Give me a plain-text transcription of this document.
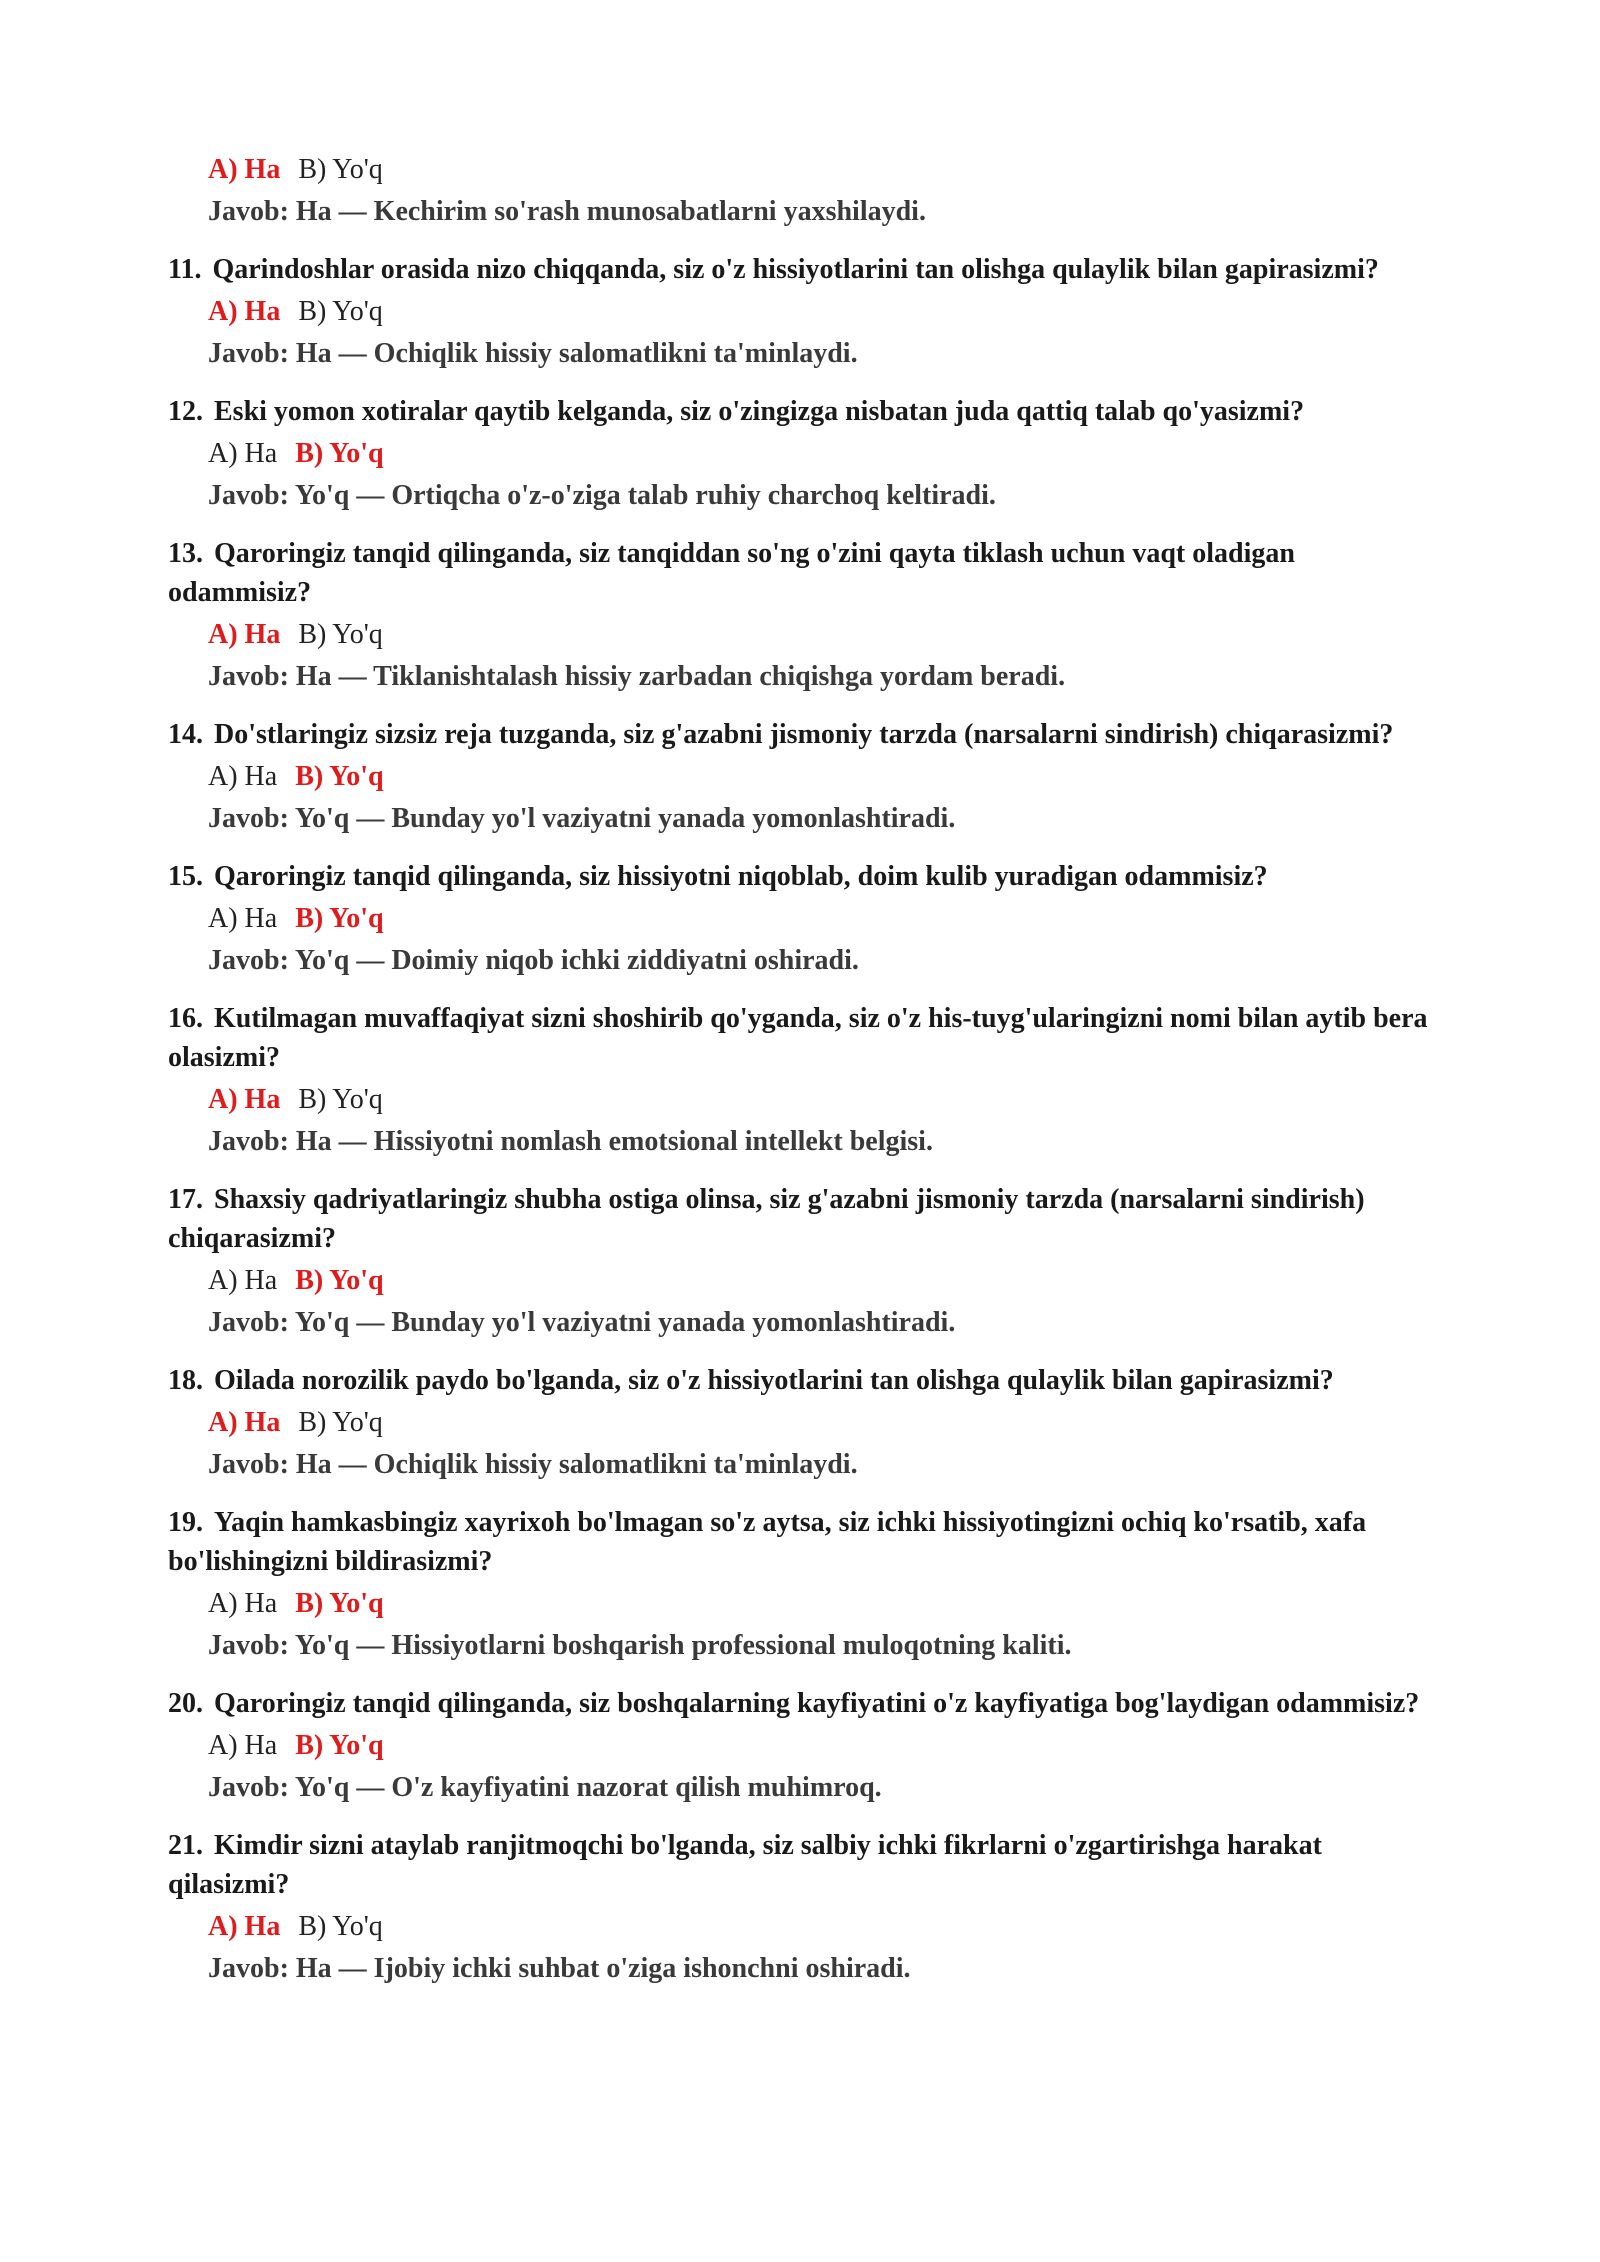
A) Ha B) Yo'q
Javob: Ha — Kechirim so'rash munosabatlarni yaxshilaydi.
11. Qarindoshlar orasida nizo chiqqanda, siz o'z hissiyotlarini tan olishga qulaylik bilan gapirasizmi?
A) Ha B) Yo'q
Javob: Ha — Ochiqlik hissiy salomatlikni ta'minlaydi.
12. Eski yomon xotiralar qaytib kelganda, siz o'zingizga nisbatan juda qattiq talab qo'yasizmi?
A) Ha B) Yo'q
Javob: Yo'q — Ortiqcha o'z-o'ziga talab ruhiy charchoq keltiradi.
13. Qaroringiz tanqid qilinganda, siz tanqiddan so'ng o'zini qayta tiklash uchun vaqt oladigan odammisiz?
A) Ha B) Yo'q
Javob: Ha — Tiklanishtalash hissiy zarbadan chiqishga yordam beradi.
14. Do'stlaringiz sizsiz reja tuzganda, siz g'azabni jismoniy tarzda (narsalarni sindirish) chiqarasizmi?
A) Ha B) Yo'q
Javob: Yo'q — Bunday yo'l vaziyatni yanada yomonlashtiradi.
15. Qaroringiz tanqid qilinganda, siz hissiyotni niqoblab, doim kulib yuradigan odammisiz?
A) Ha B) Yo'q
Javob: Yo'q — Doimiy niqob ichki ziddiyatni oshiradi.
16. Kutilmagan muvaffaqiyat sizni shoshirib qo'yganda, siz o'z his-tuyg'ularingizni nomi bilan aytib bera olasizmi?
A) Ha B) Yo'q
Javob: Ha — Hissiyotni nomlash emotsional intellekt belgisi.
17. Shaxsiy qadriyatlaringiz shubha ostiga olinsa, siz g'azabni jismoniy tarzda (narsalarni sindirish) chiqarasizmi?
A) Ha B) Yo'q
Javob: Yo'q — Bunday yo'l vaziyatni yanada yomonlashtiradi.
18. Oilada norozilik paydo bo'lganda, siz o'z hissiyotlarini tan olishga qulaylik bilan gapirasizmi?
A) Ha B) Yo'q
Javob: Ha — Ochiqlik hissiy salomatlikni ta'minlaydi.
19. Yaqin hamkasbingiz xayrixoh bo'lmagan so'z aytsa, siz ichki hissiyotingizni ochiq ko'rsatib, xafa bo'lishingizni bildirasizmi?
A) Ha B) Yo'q
Javob: Yo'q — Hissiyotlarni boshqarish professional muloqotning kaliti.
20. Qaroringiz tanqid qilinganda, siz boshqalarning kayfiyatini o'z kayfiyatiga bog'laydigan odammisiz?
A) Ha B) Yo'q
Javob: Yo'q — O'z kayfiyatini nazorat qilish muhimroq.
21. Kimdir sizni ataylab ranjitmoqchi bo'lganda, siz salbiy ichki fikrlarni o'zgartirishga harakat qilasizmi?
A) Ha B) Yo'q
Javob: Ha — Ijobiy ichki suhbat o'ziga ishonchni oshiradi.
